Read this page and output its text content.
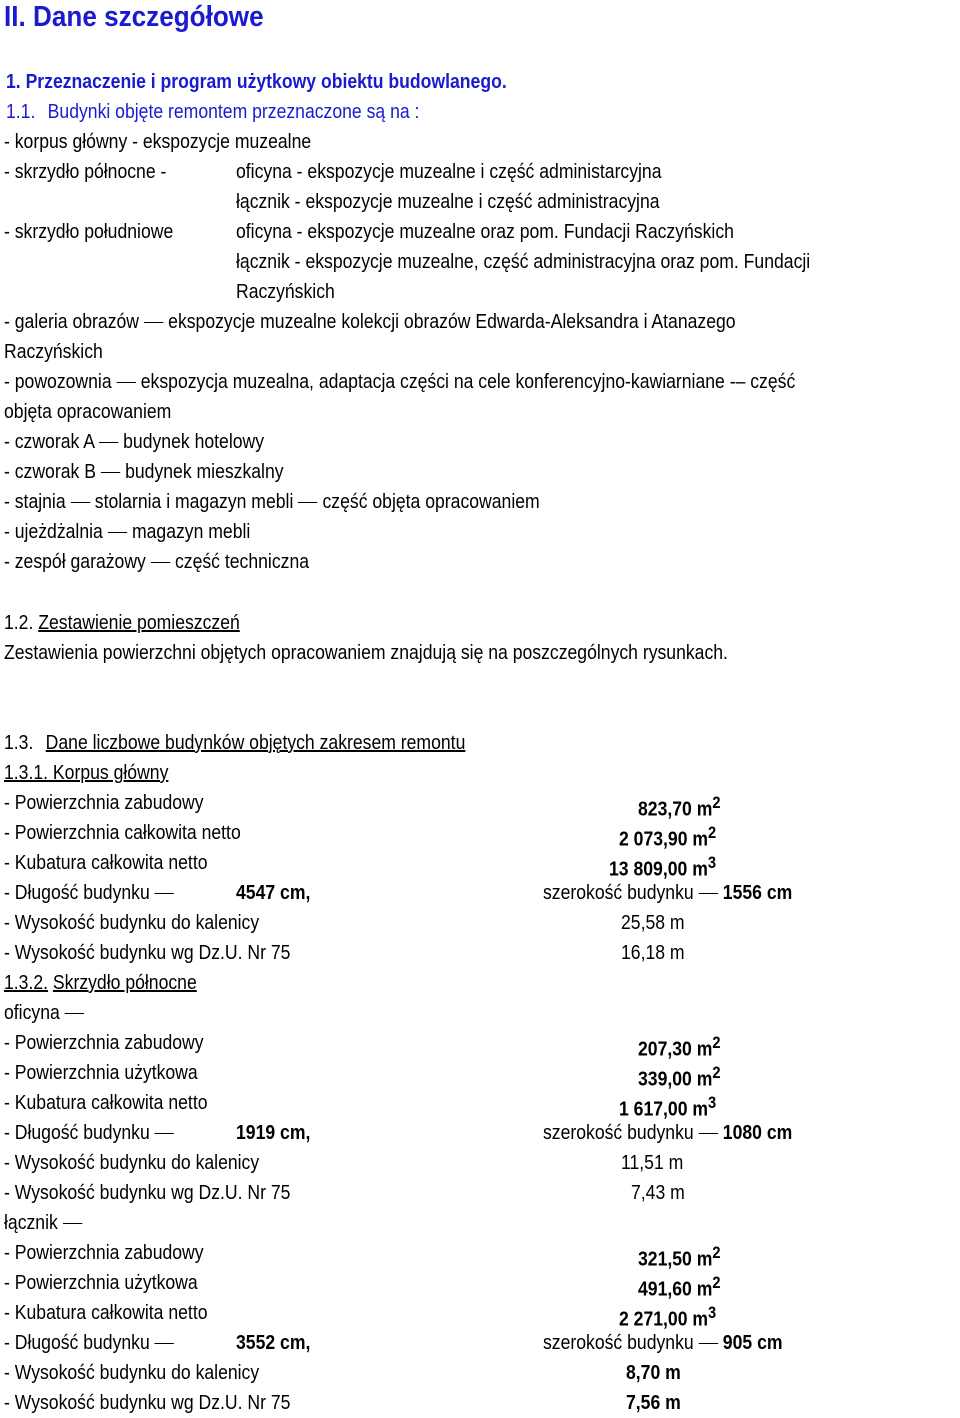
II. Dane szczegółowe
1. Przeznaczenie i program użytkowy obiektu budowlanego.
1.1. Budynki objęte remontem przeznaczone są na :
- korpus główny - ekspozycje muzealne
- skrzydło północne -	oficyna - ekspozycje muzealne i część administarcyjna
łącznik - ekspozycje muzealne i część administracyjna
- skrzydło południowe	oficyna - ekspozycje muzealne oraz pom. Fundacji Raczyńskich
łącznik - ekspozycje muzealne, część administracyjna oraz pom. Fundacji
Raczyńskich
- galeria obrazów ekspozycje muzealne kolekcji obrazów Edwarda-Aleksandra i Atanazego
Raczyńskich
- powozownia ekspozycja muzealna, adaptacja części na cele konferencyjno-kawiarniane -– część
objęta opracowaniem
- czworak A budynek hotelowy
- czworak B budynek mieszkalny
- stajnia stolarnia i magazyn mebli część objęta opracowaniem
- ujeżdżalnia magazyn mebli
- zespół garażowy część techniczna
1.2. Zestawienie pomieszczeń
Zestawienia powierzchni objętych opracowaniem znajdują się na poszczególnych rysunkach.
1.3. Dane liczbowe budynków objętych zakresem remontu
1.3.1. Korpus główny
- Powierzchnia zabudowy	823,70 $m^2$
- Powierzchnia całkowita netto	2 073,90 $m^2$
- Kubatura całkowita netto	13 809,00 $m^3$
- Długość budynku	4547 cm,	szerokość budynku 1556 cm
- Wysokość budynku do kalenicy	25,58 m
- Wysokość budynku wg Dz.U. Nr 75	16,18 m
1.3.2. Skrzydło północne
oficyna
- Powierzchnia zabudowy	207,30 $m^2$
- Powierzchnia użytkowa	339,00 $m^2$
- Kubatura całkowita netto	1 617,00 $m^3$
- Długość budynku	1919 cm,	szerokość budynku 1080 cm
- Wysokość budynku do kalenicy	11,51 m
- Wysokość budynku wg Dz.U. Nr 75	7,43 m
łącznik
- Powierzchnia zabudowy	321,50 $m^2$
- Powierzchnia użytkowa	491,60 $m^2$
- Kubatura całkowita netto	2 271,00 $m^3$
- Długość budynku	3552 cm,	szerokość budynku 905 cm
- Wysokość budynku do kalenicy	8,70 m
- Wysokość budynku wg Dz.U. Nr 75	7,56 m
